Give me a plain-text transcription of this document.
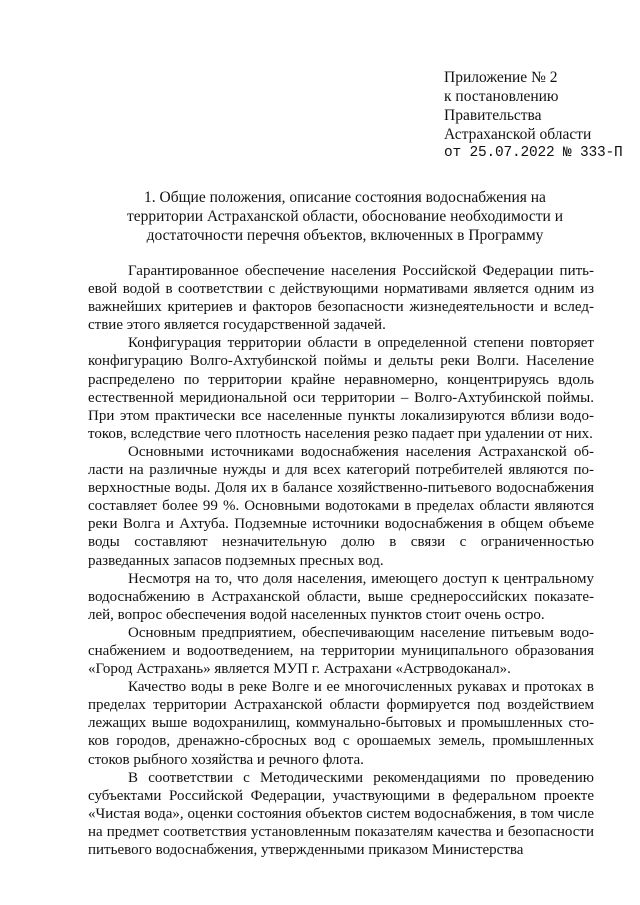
Приложение № 2
к постановлению
Правительства
Астраханской области
от 25.07.2022 № 333-П
1. Общие положения, описание состояния водоснабжения на
территории Астраханской области, обоснование необходимости и
достаточности перечня объектов, включенных в Программу

Гарантированное обеспечение населения Российской Федерации питьевой водой в соответствии с действующими нормативами является одним из важнейших критериев и факторов безопасности жизнедеятельности и вследствие этого является государственной задачей.

Конфигурация территории области в определенной степени повторяет конфигурацию Волго-Ахтубинской поймы и дельты реки Волги. Население распределено по территории крайне неравномерно, концентрируясь вдоль естественной меридиональной оси территории – Волго-Ахтубинской поймы. При этом практически все населенные пункты локализируются вблизи водотоков, вследствие чего плотность населения резко падает при удалении от них.

Основными источниками водоснабжения населения Астраханской области на различные нужды и для всех категорий потребителей являются поверхностные воды. Доля их в балансе хозяйственно-питьевого водоснабжения составляет более 99 %. Основными водотоками в пределах области являются реки Волга и Ахтуба. Подземные источники водоснабжения в общем объеме воды составляют незначительную долю в связи с ограниченностью разведанных запасов подземных пресных вод.

Несмотря на то, что доля населения, имеющего доступ к центральному водоснабжению в Астраханской области, выше среднероссийских показателей, вопрос обеспечения водой населенных пунктов стоит очень остро.

Основным предприятием, обеспечивающим население питьевым водоснабжением и водоотведением, на территории муниципального образования «Город Астрахань» является МУП г. Астрахани «Астрводоканал».

Качество воды в реке Волге и ее многочисленных рукавах и протоках в пределах территории Астраханской области формируется под воздействием лежащих выше водохранилищ, коммунально-бытовых и промышленных стоков городов, дренажно-сбросных вод с орошаемых земель, промышленных стоков рыбного хозяйства и речного флота.

В соответствии с Методическими рекомендациями по проведению субъектами Российской Федерации, участвующими в федеральном проекте «Чистая вода», оценки состояния объектов систем водоснабжения, в том числе на предмет соответствия установленным показателям качества и безопасности питьевого водоснабжения, утвержденными приказом Министерства
